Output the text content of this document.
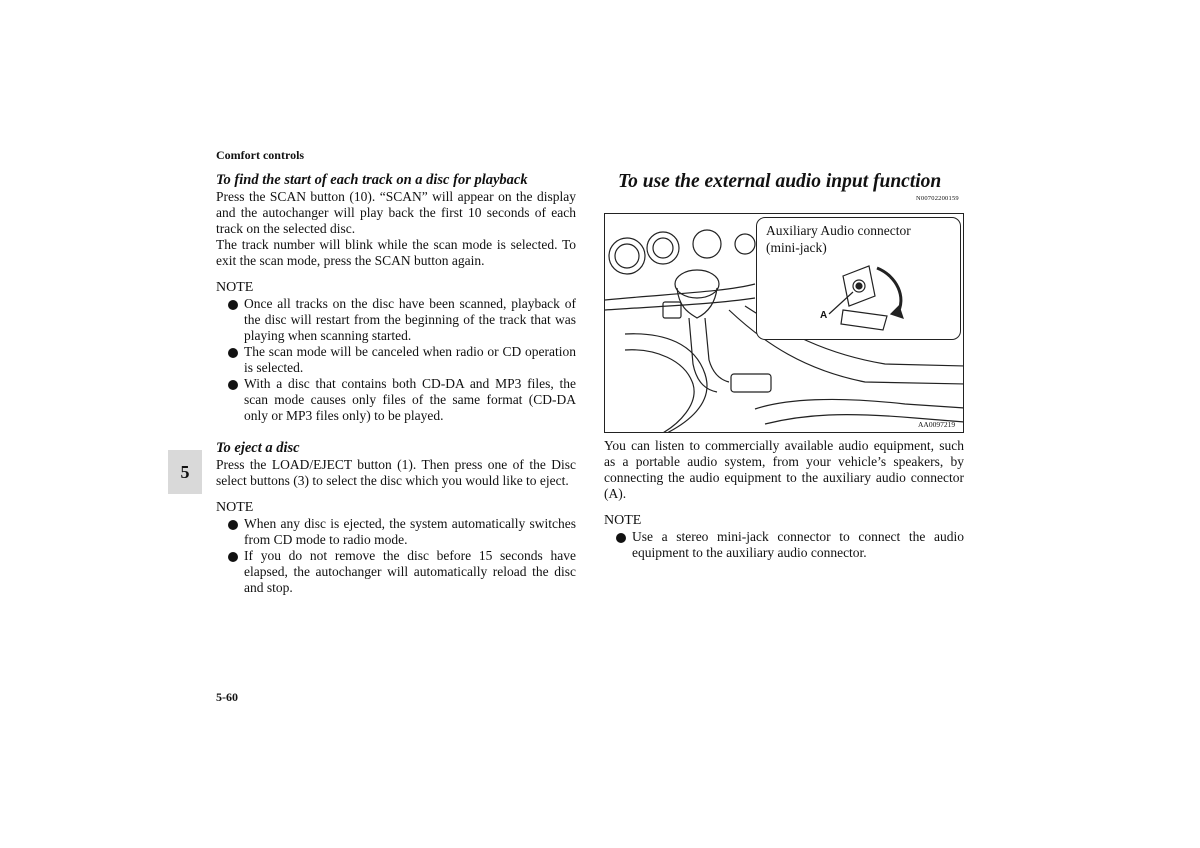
Comfort controls
To find the start of each track on a disc for playback

Press the SCAN button (10). “SCAN” will appear on the display and the autochanger will play back the first 10 seconds of each track on the selected disc.

The track number will blink while the scan mode is selected. To exit the scan mode, press the SCAN button again.

NOTE
Once all tracks on the disc have been scanned, playback of the disc will restart from the beginning of the track that was playing when scanning started.
The scan mode will be canceled when radio or CD operation is selected.
With a disc that contains both CD-DA and MP3 files, the scan mode causes only files of the same format (CD-DA only or MP3 files only) to be played.
To eject a disc

Press the LOAD/EJECT button (1). Then press one of the Disc select buttons (3) to select the disc which you would like to eject.

NOTE
When any disc is ejected, the system automatically switches from CD mode to radio mode.
If you do not remove the disc before 15 seconds have elapsed, the autochanger will automatically reload the disc and stop.
To use the external audio input function
N00702200159
Auxiliary Audio connector
(mini-jack)
A
AA0097219

You can listen to commercially available audio equipment, such as a portable audio system, from your vehicle’s speakers, by connecting the audio equipment to the auxiliary audio connector (A).

NOTE
Use a stereo mini-jack connector to connect the audio equipment to the auxiliary audio connector.
5
5-60
